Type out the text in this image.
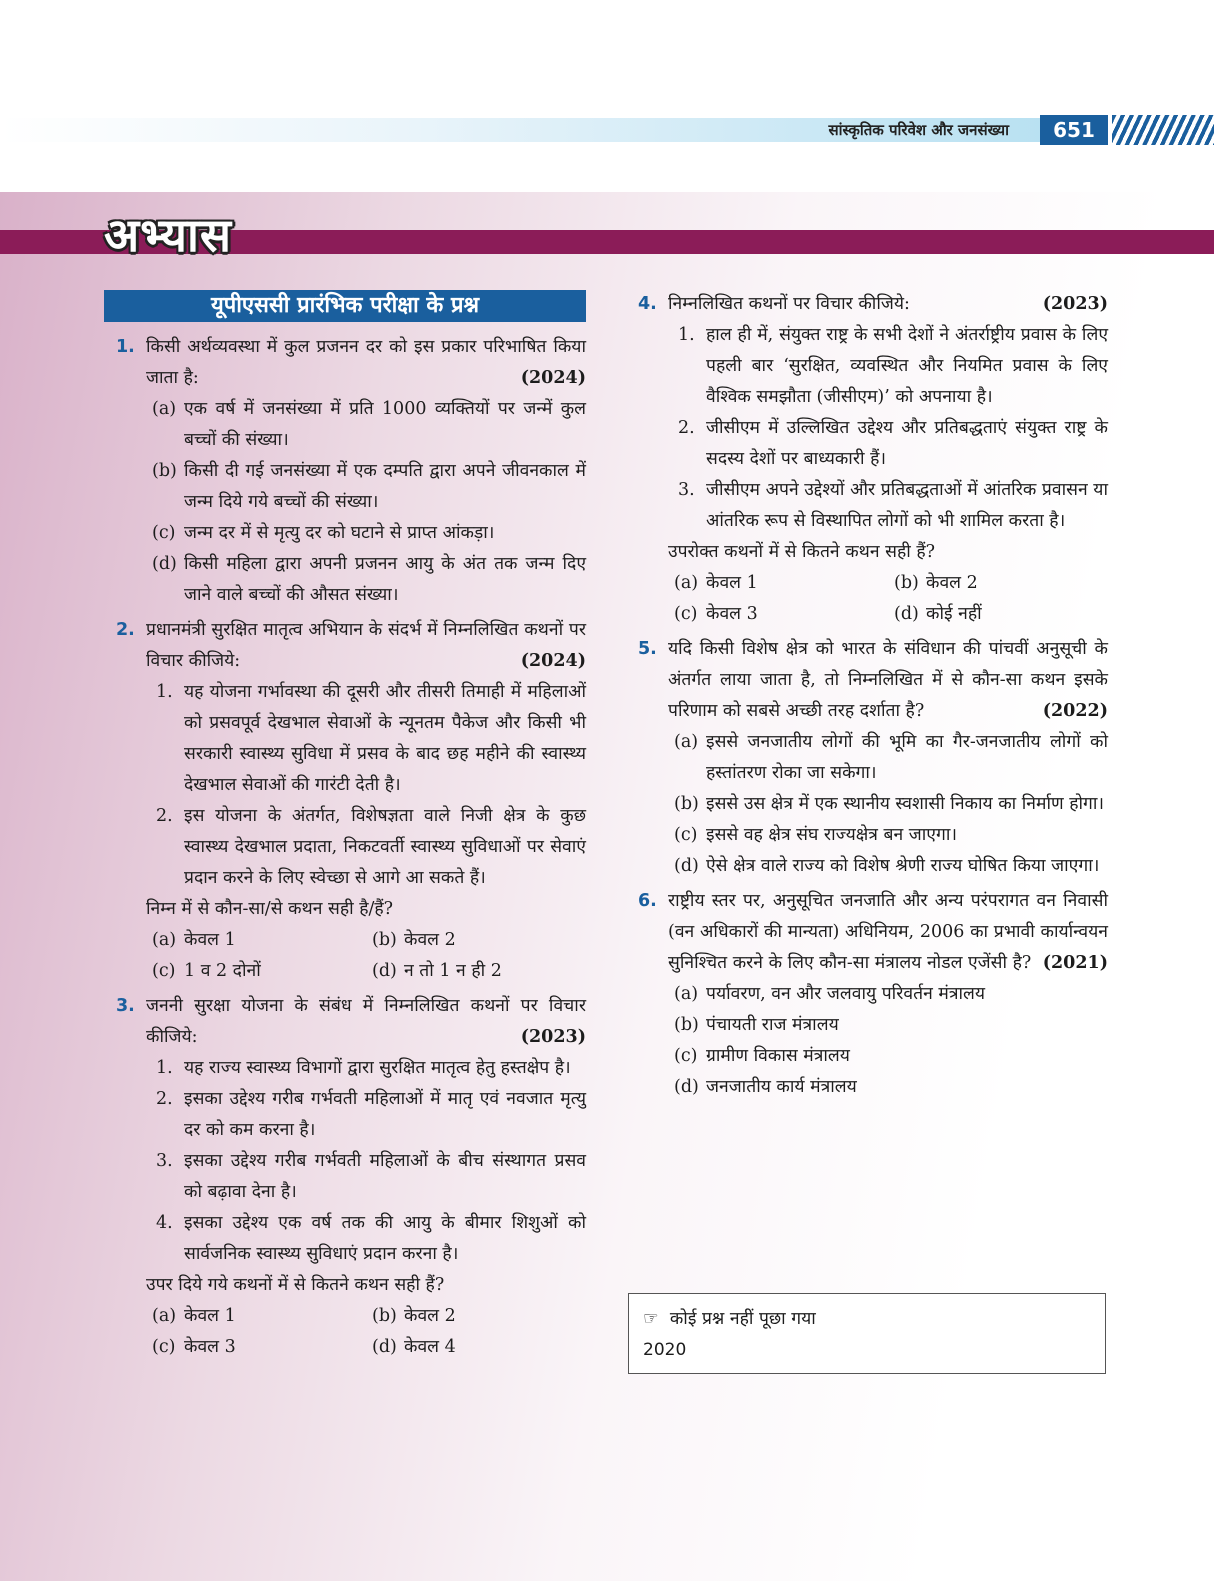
सांस्कृतिक परिवेश और जनसंख्या	651
अभ्यास
यूपीएससी प्रारंभिक परीक्षा के प्रश्न
1. किसी अर्थव्यवस्था में कुल प्रजनन दर को इस प्रकार परिभाषित किया जाता है:	(2024)
(a) एक वर्ष में जनसंख्या में प्रति 1000 व्यक्तियों पर जन्में कुल बच्चों की संख्या।
(b) किसी दी गई जनसंख्या में एक दम्पति द्वारा अपने जीवनकाल में जन्म दिये गये बच्चों की संख्या।
(c) जन्म दर में से मृत्यु दर को घटाने से प्राप्त आंकड़ा।
(d) किसी महिला द्वारा अपनी प्रजनन आयु के अंत तक जन्म दिए जाने वाले बच्चों की औसत संख्या।
2. प्रधानमंत्री सुरक्षित मातृत्व अभियान के संदर्भ में निम्नलिखित कथनों पर विचार कीजिये:	(2024)
1. यह योजना गर्भावस्था की दूसरी और तीसरी तिमाही में महिलाओं को प्रसवपूर्व देखभाल सेवाओं के न्यूनतम पैकेज और किसी भी सरकारी स्वास्थ्य सुविधा में प्रसव के बाद छह महीने की स्वास्थ्य देखभाल सेवाओं की गारंटी देती है।
2. इस योजना के अंतर्गत, विशेषज्ञता वाले निजी क्षेत्र के कुछ स्वास्थ्य देखभाल प्रदाता, निकटवर्ती स्वास्थ्य सुविधाओं पर सेवाएं प्रदान करने के लिए स्वेच्छा से आगे आ सकते हैं।
निम्न में से कौन-सा/से कथन सही है/हैं?
(a) केवल 1	(b) केवल 2
(c) 1 व 2 दोनों	(d) न तो 1 न ही 2
3. जननी सुरक्षा योजना के संबंध में निम्नलिखित कथनों पर विचार कीजिये:	(2023)
1. यह राज्य स्वास्थ्य विभागों द्वारा सुरक्षित मातृत्व हेतु हस्तक्षेप है।
2. इसका उद्देश्य गरीब गर्भवती महिलाओं में मातृ एवं नवजात मृत्यु दर को कम करना है।
3. इसका उद्देश्य गरीब गर्भवती महिलाओं के बीच संस्थागत प्रसव को बढ़ावा देना है।
4. इसका उद्देश्य एक वर्ष तक की आयु के बीमार शिशुओं को सार्वजनिक स्वास्थ्य सुविधाएं प्रदान करना है।
उपर दिये गये कथनों में से कितने कथन सही हैं?
(a) केवल 1	(b) केवल 2
(c) केवल 3	(d) केवल 4
4. निम्नलिखित कथनों पर विचार कीजिये:	(2023)
1. हाल ही में, संयुक्त राष्ट्र के सभी देशों ने अंतर्राष्ट्रीय प्रवास के लिए पहली बार ‘सुरक्षित, व्यवस्थित और नियमित प्रवास के लिए वैश्विक समझौता (जीसीएम)’ को अपनाया है।
2. जीसीएम में उल्लिखित उद्देश्य और प्रतिबद्धताएं संयुक्त राष्ट्र के सदस्य देशों पर बाध्यकारी हैं।
3. जीसीएम अपने उद्देश्यों और प्रतिबद्धताओं में आंतरिक प्रवासन या आंतरिक रूप से विस्थापित लोगों को भी शामिल करता है।
उपरोक्त कथनों में से कितने कथन सही हैं?
(a) केवल 1	(b) केवल 2
(c) केवल 3	(d) कोई नहीं
5. यदि किसी विशेष क्षेत्र को भारत के संविधान की पांचवीं अनुसूची के अंतर्गत लाया जाता है, तो निम्नलिखित में से कौन-सा कथन इसके परिणाम को सबसे अच्छी तरह दर्शाता है?	(2022)
(a) इससे जनजातीय लोगों की भूमि का गैर-जनजातीय लोगों को हस्तांतरण रोका जा सकेगा।
(b) इससे उस क्षेत्र में एक स्थानीय स्वशासी निकाय का निर्माण होगा।
(c) इससे वह क्षेत्र संघ राज्यक्षेत्र बन जाएगा।
(d) ऐसे क्षेत्र वाले राज्य को विशेष श्रेणी राज्य घोषित किया जाएगा।
6. राष्ट्रीय स्तर पर, अनुसूचित जनजाति और अन्य परंपरागत वन निवासी (वन अधिकारों की मान्यता) अधिनियम, 2006 का प्रभावी कार्यान्वयन सुनिश्चित करने के लिए कौन-सा मंत्रालय नोडल एजेंसी है? (2021)
(a) पर्यावरण, वन और जलवायु परिवर्तन मंत्रालय
(b) पंचायती राज मंत्रालय
(c) ग्रामीण विकास मंत्रालय
(d) जनजातीय कार्य मंत्रालय
☞ कोई प्रश्न नहीं पूछा गया
2020
